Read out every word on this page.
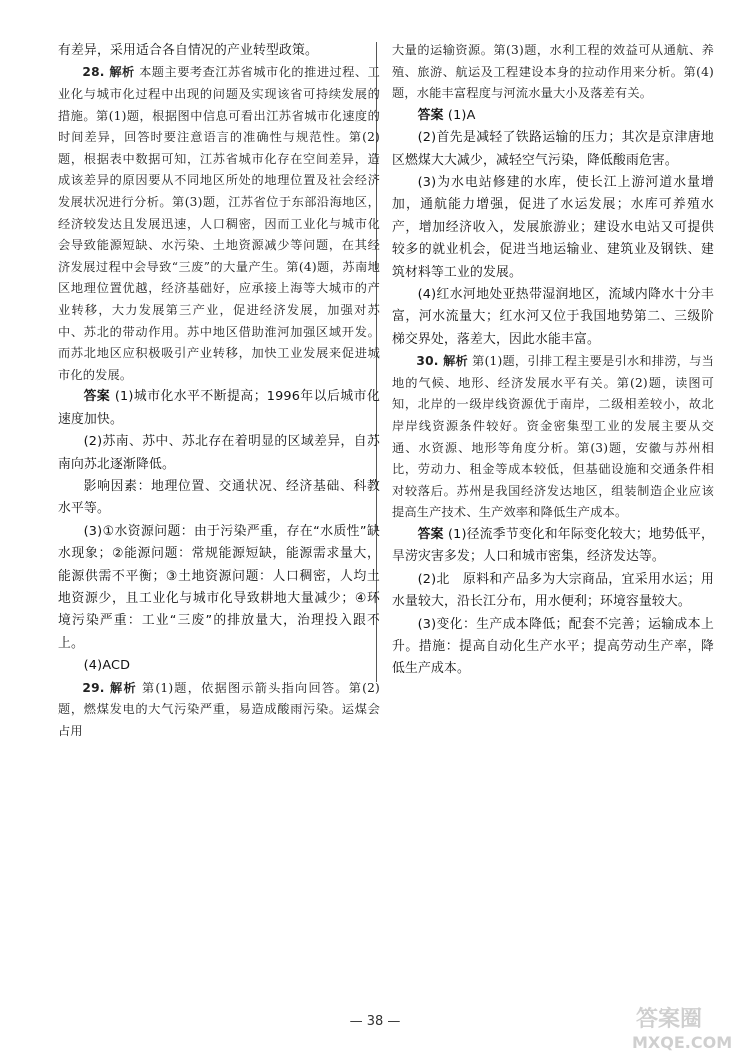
有差异，采用适合各自情况的产业转型政策。

28. 解析 本题主要考查江苏省城市化的推进过程、工业化与城市化过程中出现的问题及实现该省可持续发展的措施。第(1)题，根据图中信息可看出江苏省城市化速度的时间差异，回答时要注意语言的准确性与规范性。第(2)题，根据表中数据可知，江苏省城市化存在空间差异，造成该差异的原因要从不同地区所处的地理位置及社会经济发展状况进行分析。第(3)题，江苏省位于东部沿海地区，经济较发达且发展迅速，人口稠密，因而工业化与城市化会导致能源短缺、水污染、土地资源减少等问题，在其经济发展过程中会导致“三废”的大量产生。第(4)题，苏南地区地理位置优越，经济基础好，应承接上海等大城市的产业转移，大力发展第三产业，促进经济发展，加强对苏中、苏北的带动作用。苏中地区借助淮河加强区域开发。而苏北地区应积极吸引产业转移，加快工业发展来促进城市化的发展。

答案 (1)城市化水平不断提高；1996年以后城市化速度加快。

(2)苏南、苏中、苏北存在着明显的区域差异，自苏南向苏北逐渐降低。

影响因素：地理位置、交通状况、经济基础、科教水平等。

(3)①水资源问题：由于污染严重，存在“水质性”缺水现象；②能源问题：常规能源短缺，能源需求量大，能源供需不平衡；③土地资源问题：人口稠密，人均土地资源少，且工业化与城市化导致耕地大量减少；④环境污染严重：工业“三废”的排放量大，治理投入跟不上。

(4)ACD

29. 解析 第(1)题，依据图示箭头指向回答。第(2)题，燃煤发电的大气污染严重，易造成酸雨污染。运煤会占用

大量的运输资源。第(3)题，水利工程的效益可从通航、养殖、旅游、航运及工程建设本身的拉动作用来分析。第(4)题，水能丰富程度与河流水量大小及落差有关。

答案 (1)A

(2)首先是减轻了铁路运输的压力；其次是京津唐地区燃煤大大减少，减轻空气污染，降低酸雨危害。

(3)为水电站修建的水库，使长江上游河道水量增加，通航能力增强，促进了水运发展；水库可养殖水产，增加经济收入，发展旅游业；建设水电站又可提供较多的就业机会，促进当地运输业、建筑业及钢铁、建筑材料等工业的发展。

(4)红水河地处亚热带湿润地区，流域内降水十分丰富，河水流量大；红水河又位于我国地势第二、三级阶梯交界处，落差大，因此水能丰富。

30. 解析 第(1)题，引排工程主要是引水和排涝，与当地的气候、地形、经济发展水平有关。第(2)题，读图可知，北岸的一级岸线资源优于南岸，二级相差较小，故北岸岸线资源条件较好。资金密集型工业的发展主要从交通、水资源、地形等角度分析。第(3)题，安徽与苏州相比，劳动力、租金等成本较低，但基础设施和交通条件相对较落后。苏州是我国经济发达地区，组装制造企业应该提高生产技术、生产效率和降低生产成本。

答案 (1)径流季节变化和年际变化较大；地势低平，旱涝灾害多发；人口和城市密集，经济发达等。

(2)北　原料和产品多为大宗商品，宜采用水运；用水量较大，沿长江分布，用水便利；环境容量较大。

(3)变化：生产成本降低；配套不完善；运输成本上升。措施：提高自动化生产水平；提高劳动生产率，降低生产成本。

— 38 —	答案圈
MXQE.COM
